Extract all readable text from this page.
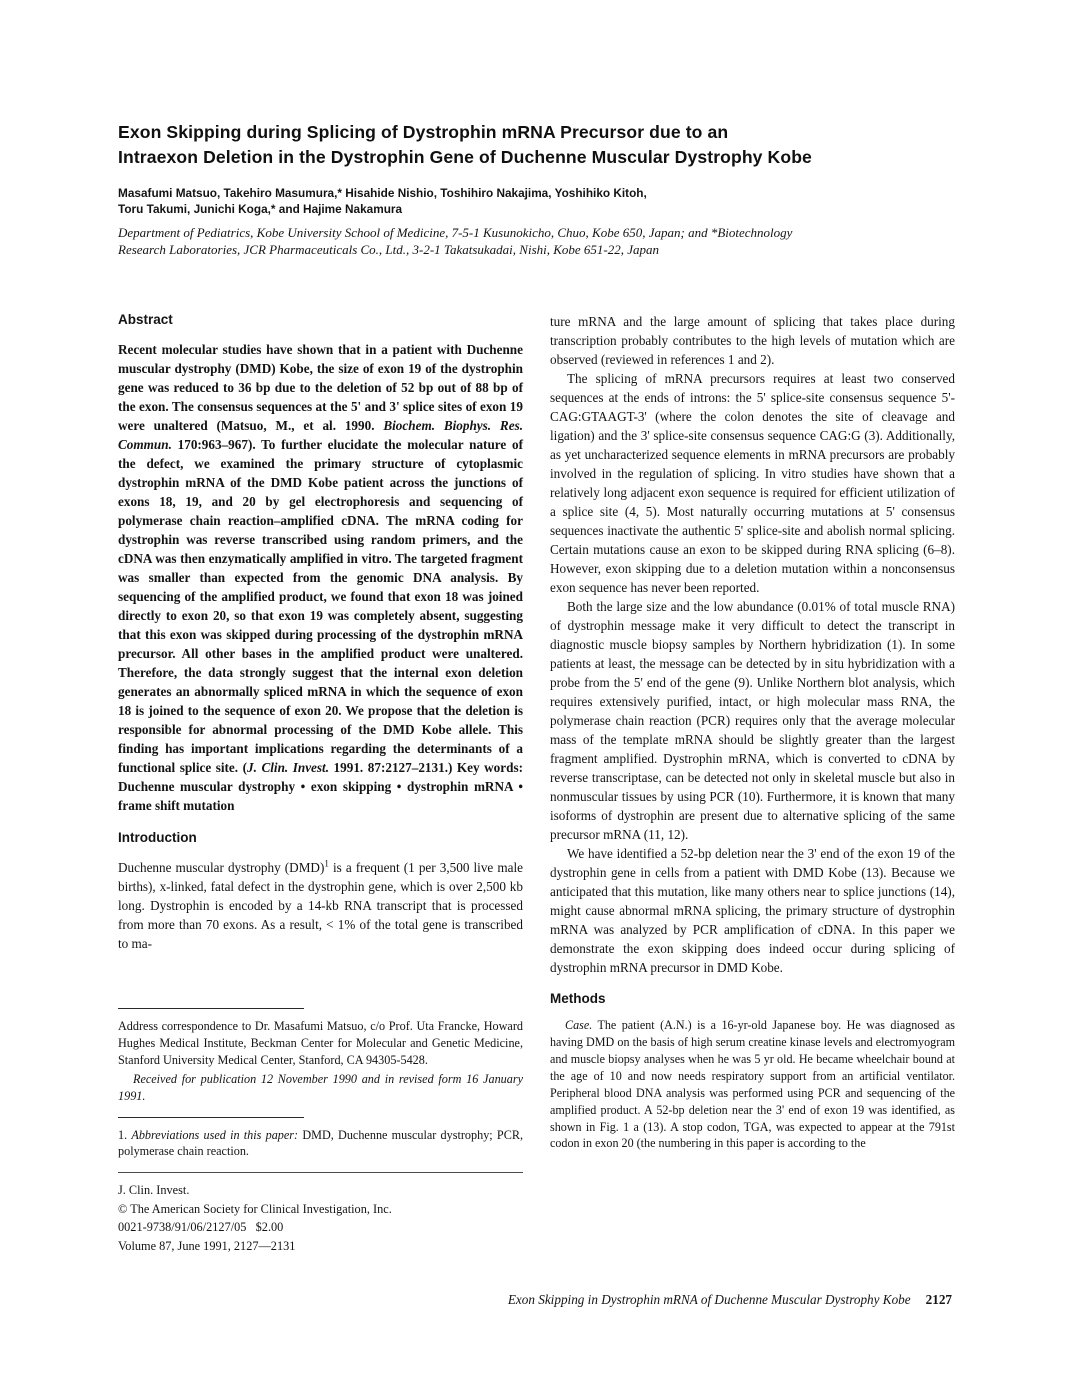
Exon Skipping during Splicing of Dystrophin mRNA Precursor due to an
Intraexon Deletion in the Dystrophin Gene of Duchenne Muscular Dystrophy Kobe
Masafumi Matsuo, Takehiro Masumura,* Hisahide Nishio, Toshihiro Nakajima, Yoshihiko Kitoh,
Toru Takumi, Junichi Koga,* and Hajime Nakamura
Department of Pediatrics, Kobe University School of Medicine, 7-5-1 Kusunokicho, Chuo, Kobe 650, Japan; and *Biotechnology
Research Laboratories, JCR Pharmaceuticals Co., Ltd., 3-2-1 Takatsukadai, Nishi, Kobe 651-22, Japan
Abstract

Recent molecular studies have shown that in a patient with Duchenne muscular dystrophy (DMD) Kobe, the size of exon 19 of the dystrophin gene was reduced to 36 bp due to the deletion of 52 bp out of 88 bp of the exon. The consensus sequences at the 5' and 3' splice sites of exon 19 were unaltered (Matsuo, M., et al. 1990. Biochem. Biophys. Res. Commun. 170:963–967). To further elucidate the molecular nature of the defect, we examined the primary structure of cytoplasmic dystrophin mRNA of the DMD Kobe patient across the junctions of exons 18, 19, and 20 by gel electrophoresis and sequencing of polymerase chain reaction–amplified cDNA. The mRNA coding for dystrophin was reverse transcribed using random primers, and the cDNA was then enzymatically amplified in vitro. The targeted fragment was smaller than expected from the genomic DNA analysis. By sequencing of the amplified product, we found that exon 18 was joined directly to exon 20, so that exon 19 was completely absent, suggesting that this exon was skipped during processing of the dystrophin mRNA precursor. All other bases in the amplified product were unaltered. Therefore, the data strongly suggest that the internal exon deletion generates an abnormally spliced mRNA in which the sequence of exon 18 is joined to the sequence of exon 20. We propose that the deletion is responsible for abnormal processing of the DMD Kobe allele. This finding has important implications regarding the determinants of a functional splice site. (J. Clin. Invest. 1991. 87:2127–2131.) Key words: Duchenne muscular dystrophy • exon skipping • dystrophin mRNA • frame shift mutation

Introduction

Duchenne muscular dystrophy (DMD)$^1$ is a frequent (1 per 3,500 live male births), x-linked, fatal defect in the dystrophin gene, which is over 2,500 kb long. Dystrophin is encoded by a 14-kb RNA transcript that is processed from more than 70 exons. As a result, < 1% of the total gene is transcribed to ma-

Address correspondence to Dr. Masafumi Matsuo, c/o Prof. Uta Francke, Howard Hughes Medical Institute, Beckman Center for Molecular and Genetic Medicine, Stanford University Medical Center, Stanford, CA 94305-5428.

Received for publication 12 November 1990 and in revised form 16 January 1991.

1. Abbreviations used in this paper: DMD, Duchenne muscular dystrophy; PCR, polymerase chain reaction.

J. Clin. Invest.
© The American Society for Clinical Investigation, Inc.
0021-9738/91/06/2127/05   $2.00
Volume 87, June 1991, 2127—2131

ture mRNA and the large amount of splicing that takes place during transcription probably contributes to the high levels of mutation which are observed (reviewed in references 1 and 2).

The splicing of mRNA precursors requires at least two conserved sequences at the ends of introns: the 5' splice-site consensus sequence 5'-CAG:GTAAGT-3' (where the colon denotes the site of cleavage and ligation) and the 3' splice-site consensus sequence CAG:G (3). Additionally, as yet uncharacterized sequence elements in mRNA precursors are probably involved in the regulation of splicing. In vitro studies have shown that a relatively long adjacent exon sequence is required for efficient utilization of a splice site (4, 5). Most naturally occurring mutations at 5' consensus sequences inactivate the authentic 5' splice-site and abolish normal splicing. Certain mutations cause an exon to be skipped during RNA splicing (6–8). However, exon skipping due to a deletion mutation within a nonconsensus exon sequence has never been reported.

Both the large size and the low abundance (0.01% of total muscle RNA) of dystrophin message make it very difficult to detect the transcript in diagnostic muscle biopsy samples by Northern hybridization (1). In some patients at least, the message can be detected by in situ hybridization with a probe from the 5' end of the gene (9). Unlike Northern blot analysis, which requires extensively purified, intact, or high molecular mass RNA, the polymerase chain reaction (PCR) requires only that the average molecular mass of the template mRNA should be slightly greater than the largest fragment amplified. Dystrophin mRNA, which is converted to cDNA by reverse transcriptase, can be detected not only in skeletal muscle but also in nonmuscular tissues by using PCR (10). Furthermore, it is known that many isoforms of dystrophin are present due to alternative splicing of the same precursor mRNA (11, 12).

We have identified a 52-bp deletion near the 3' end of the exon 19 of the dystrophin gene in cells from a patient with DMD Kobe (13). Because we anticipated that this mutation, like many others near to splice junctions (14), might cause abnormal mRNA splicing, the primary structure of dystrophin mRNA was analyzed by PCR amplification of cDNA. In this paper we demonstrate the exon skipping does indeed occur during splicing of dystrophin mRNA precursor in DMD Kobe.

Methods

Case. The patient (A.N.) is a 16-yr-old Japanese boy. He was diagnosed as having DMD on the basis of high serum creatine kinase levels and electromyogram and muscle biopsy analyses when he was 5 yr old. He became wheelchair bound at the age of 10 and now needs respiratory support from an artificial ventilator. Peripheral blood DNA analysis was performed using PCR and sequencing of the amplified product. A 52-bp deletion near the 3' end of exon 19 was identified, as shown in Fig. 1 a (13). A stop codon, TGA, was expected to appear at the 791st codon in exon 20 (the numbering in this paper is according to the

Exon Skipping in Dystrophin mRNA of Duchenne Muscular Dystrophy Kobe 2127
